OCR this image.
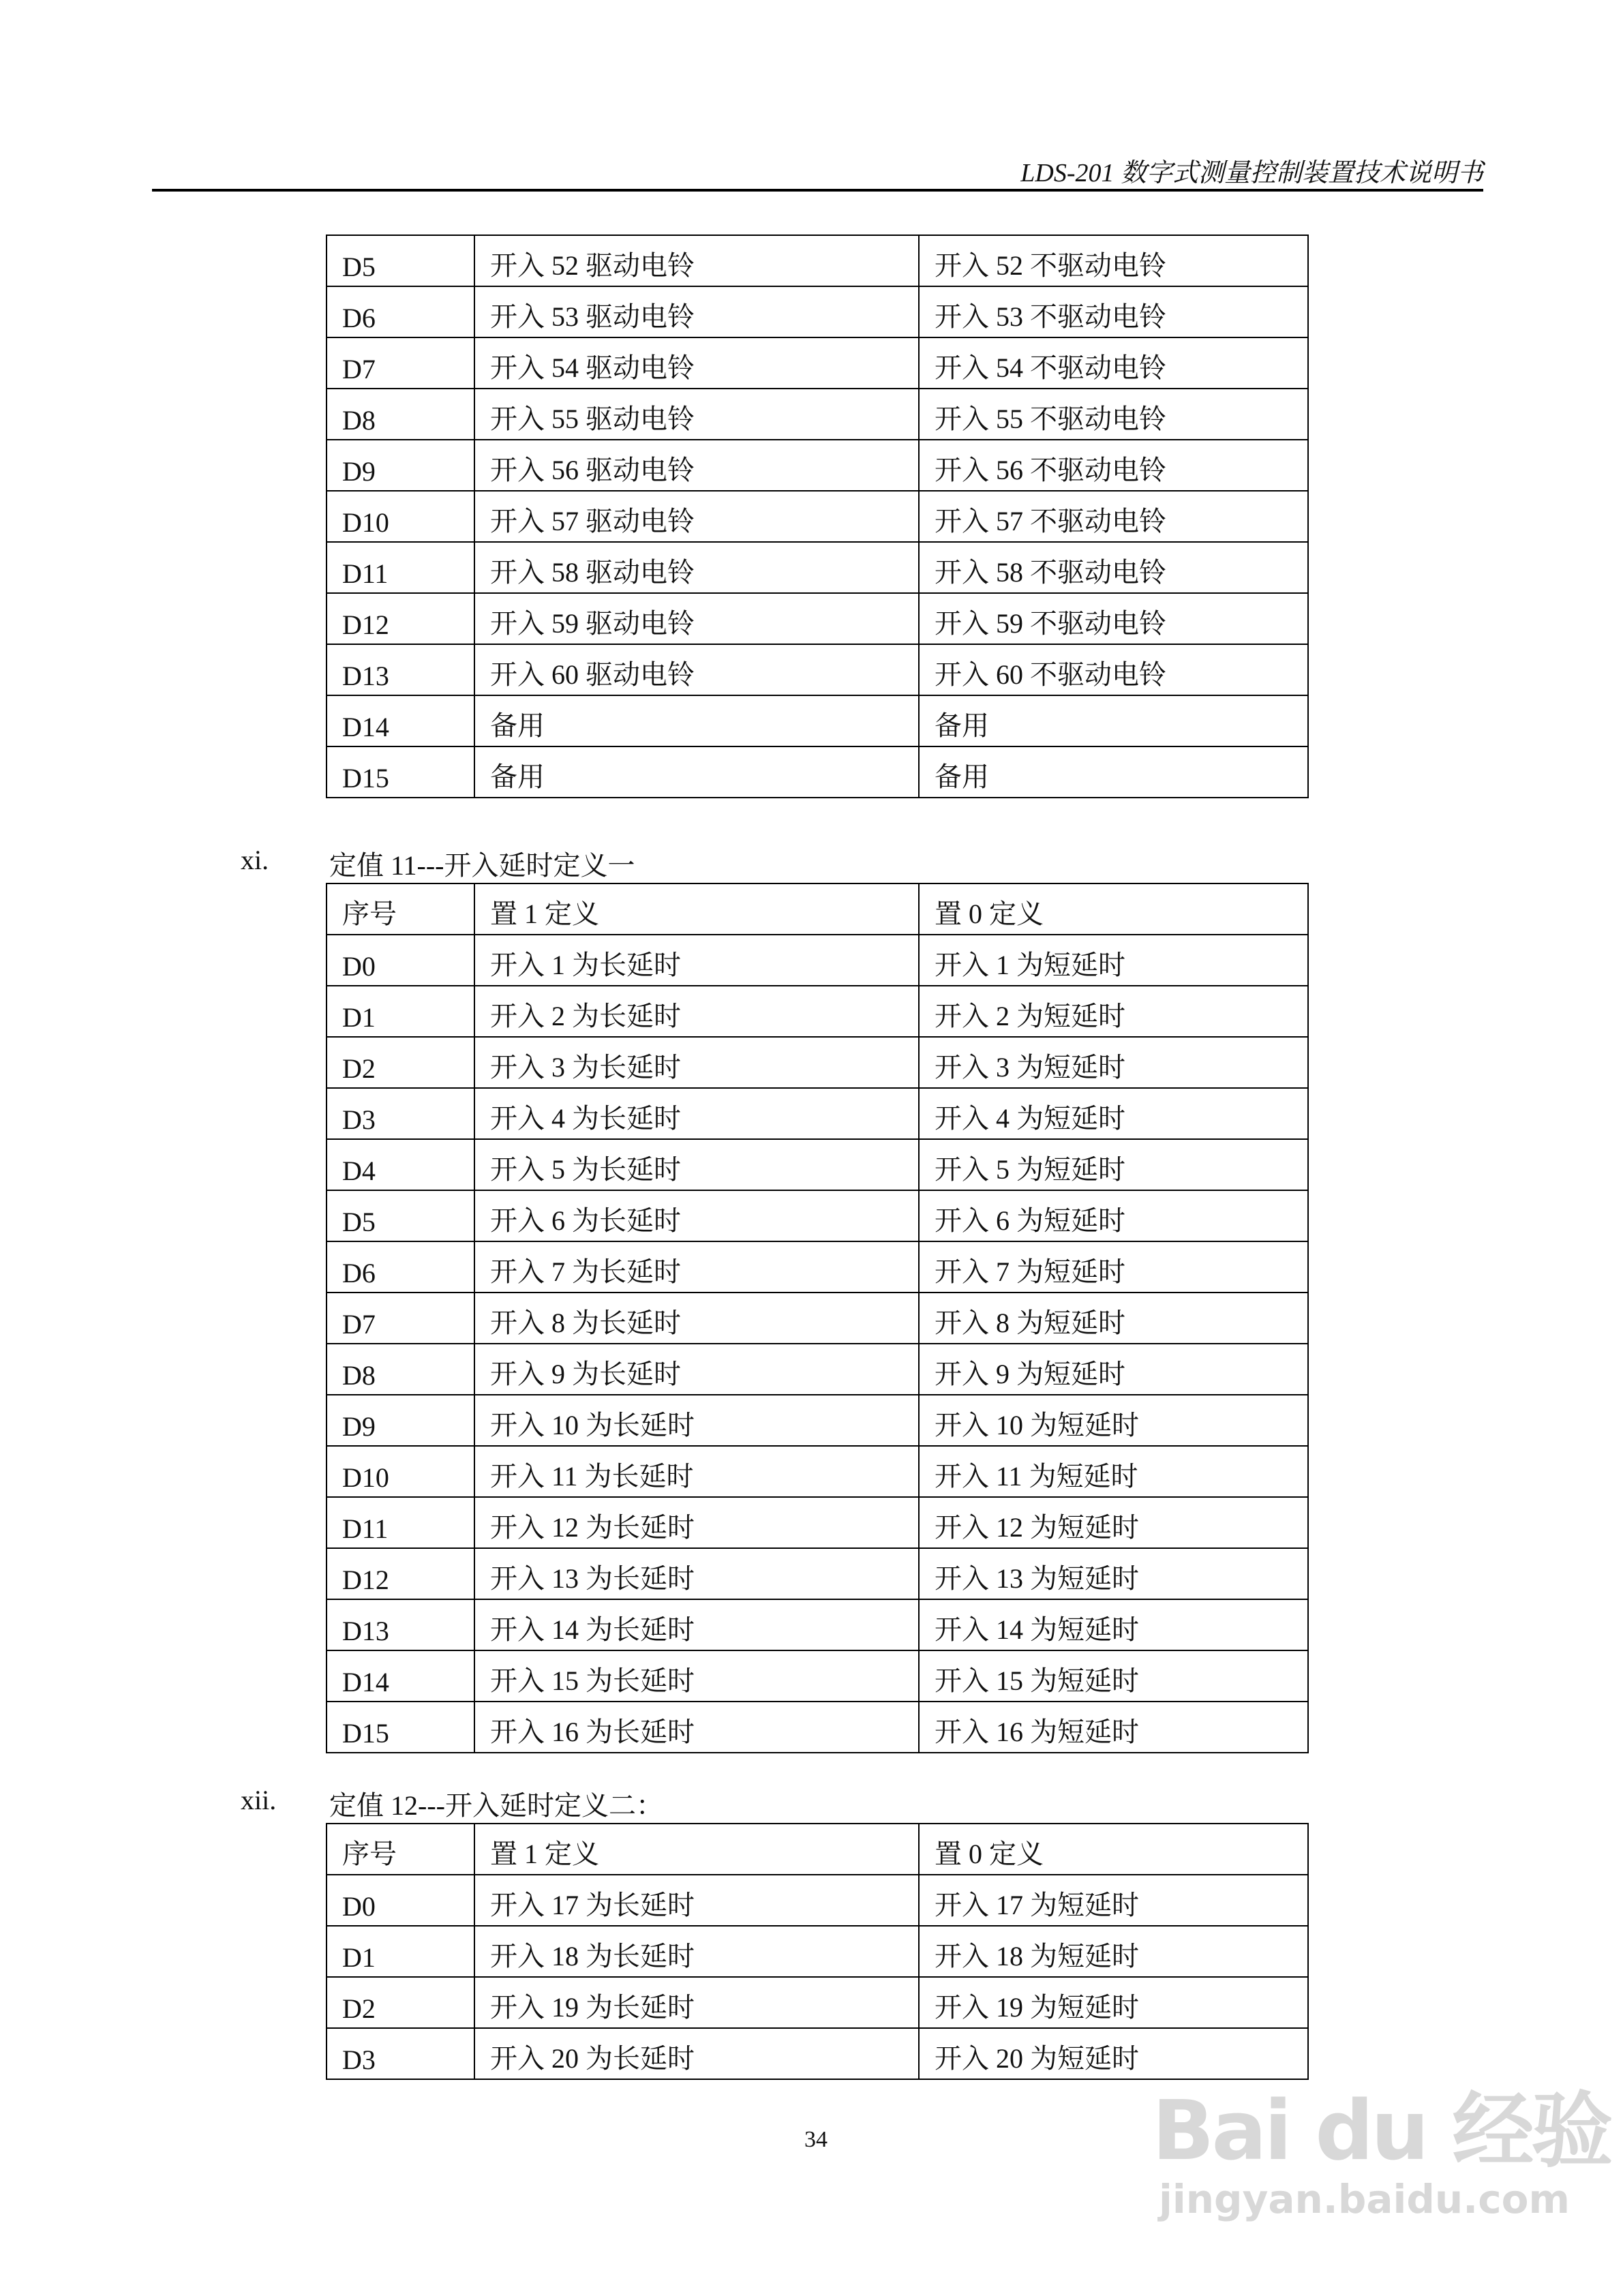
LDS-201 数字式测量控制装置技术说明书
D5	开入 52 驱动电铃	开入 52 不驱动电铃
D6	开入 53 驱动电铃	开入 53 不驱动电铃
D7	开入 54 驱动电铃	开入 54 不驱动电铃
D8	开入 55 驱动电铃	开入 55 不驱动电铃
D9	开入 56 驱动电铃	开入 56 不驱动电铃
D10	开入 57 驱动电铃	开入 57 不驱动电铃
D11	开入 58 驱动电铃	开入 58 不驱动电铃
D12	开入 59 驱动电铃	开入 59 不驱动电铃
D13	开入 60 驱动电铃	开入 60 不驱动电铃
D14	备用	备用
D15	备用	备用
xi. 定值 11---开入延时定义一
序号	置 1 定义	置 0 定义
D0	开入 1 为长延时	开入 1 为短延时
D1	开入 2 为长延时	开入 2 为短延时
D2	开入 3 为长延时	开入 3 为短延时
D3	开入 4 为长延时	开入 4 为短延时
D4	开入 5 为长延时	开入 5 为短延时
D5	开入 6 为长延时	开入 6 为短延时
D6	开入 7 为长延时	开入 7 为短延时
D7	开入 8 为长延时	开入 8 为短延时
D8	开入 9 为长延时	开入 9 为短延时
D9	开入 10 为长延时	开入 10 为短延时
D10	开入 11 为长延时	开入 11 为短延时
D11	开入 12 为长延时	开入 12 为短延时
D12	开入 13 为长延时	开入 13 为短延时
D13	开入 14 为长延时	开入 14 为短延时
D14	开入 15 为长延时	开入 15 为短延时
D15	开入 16 为长延时	开入 16 为短延时
xii. 定值 12---开入延时定义二：
序号	置 1 定义	置 0 定义
D0	开入 17 为长延时	开入 17 为短延时
D1	开入 18 为长延时	开入 18 为短延时
D2	开入 19 为长延时	开入 19 为短延时
D3	开入 20 为长延时	开入 20 为短延时
34	Bai du 经验
jingyan.baidu.com
